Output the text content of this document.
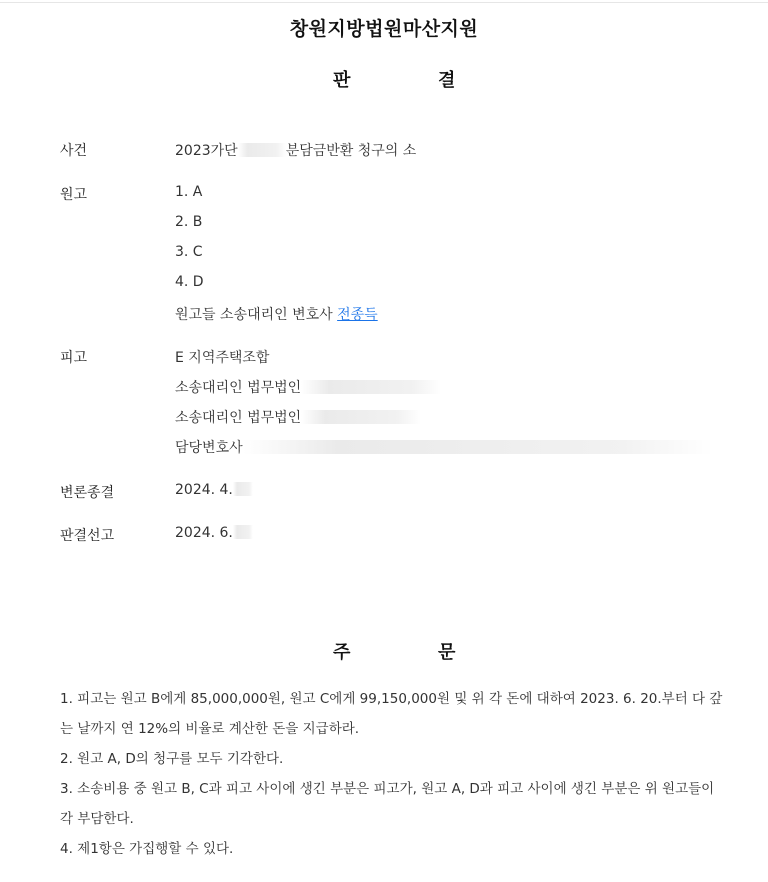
창원지방법원마산지원
판	결
사건	2023가단	분담금반환 청구의 소
원고	1. A
2. B
3. C
4. D
원고들 소송대리인 변호사 전종득
피고	E 지역주택조합
소송대리인 법무법인
소송대리인 법무법인
담당변호사
변론종결	2024. 4.
판결선고	2024. 6.
주	문

1. 피고는 원고 B에게 85,000,000원, 원고 C에게 99,150,000원 및 위 각 돈에 대하여 2023. 6. 20.부터 다 갚는 날까지 연 12%의 비율로 계산한 돈을 지급하라.

2. 원고 A, D의 청구를 모두 기각한다.

3. 소송비용 중 원고 B, C과 피고 사이에 생긴 부분은 피고가, 원고 A, D과 피고 사이에 생긴 부분은 위 원고들이 각 부담한다.

4. 제1항은 가집행할 수 있다.
